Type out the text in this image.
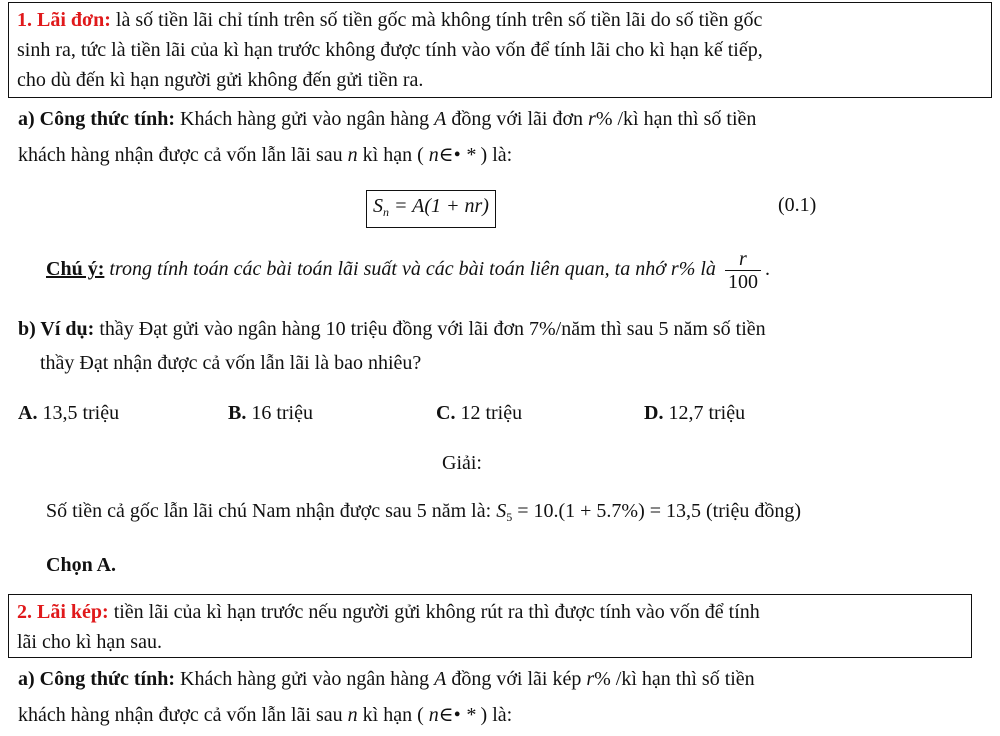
1. Lãi đơn: là số tiền lãi chỉ tính trên số tiền gốc mà không tính trên số tiền lãi do số tiền gốc
sinh ra, tức là tiền lãi của kì hạn trước không được tính vào vốn để tính lãi cho kì hạn kế tiếp,
cho dù đến kì hạn người gửi không đến gửi tiền ra.
a) Công thức tính: Khách hàng gửi vào ngân hàng A đồng với lãi đơn r% /kì hạn thì số tiền
khách hàng nhận được cả vốn lẫn lãi sau n kì hạn ( n∈• * ) là:
$S_n = A(1 + nr)$	(0.1)
Chú ý: trong tính toán các bài toán lãi suất và các bài toán liên quan, ta nhớ r% là $\frac{r}{100}$ .
b) Ví dụ: thầy Đạt gửi vào ngân hàng 10 triệu đồng với lãi đơn 7%/năm thì sau 5 năm số tiền
thầy Đạt nhận được cả vốn lẫn lãi là bao nhiêu?
A. 13,5 triệu	B. 16 triệu	C. 12 triệu	D. 12,7 triệu
Giải:
Số tiền cả gốc lẫn lãi chú Nam nhận được sau 5 năm là: $S_5 = 10.(1 + 5.7\%) = 13,5$ (triệu đồng)
Chọn A.
2. Lãi kép: tiền lãi của kì hạn trước nếu người gửi không rút ra thì được tính vào vốn để tính
lãi cho kì hạn sau.
a) Công thức tính: Khách hàng gửi vào ngân hàng A đồng với lãi kép r% /kì hạn thì số tiền
khách hàng nhận được cả vốn lẫn lãi sau n kì hạn ( n∈• * ) là:
